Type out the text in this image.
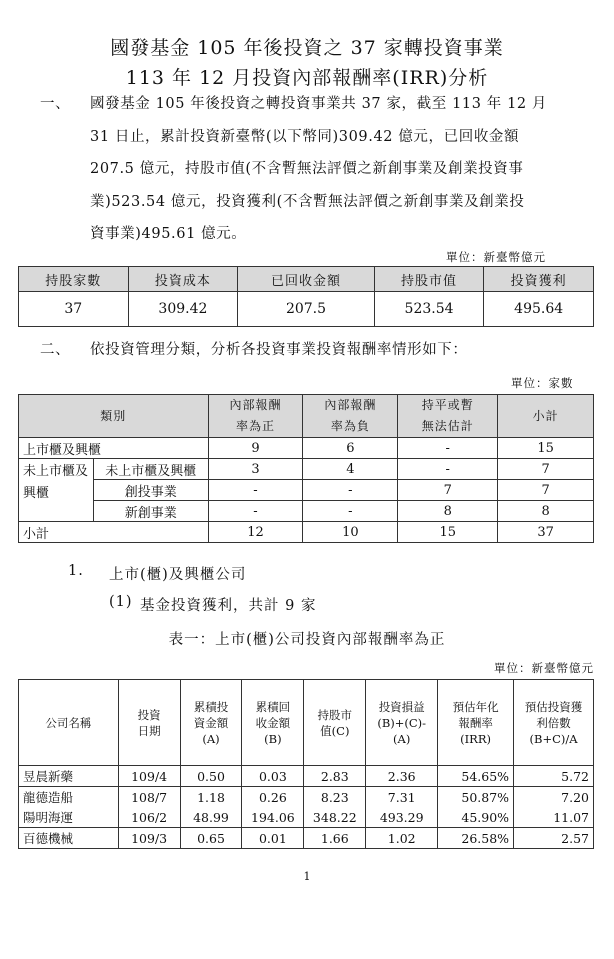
國發基金 105 年後投資之 37 家轉投資事業
113 年 12 月投資內部報酬率(IRR)分析
一、 國發基金 105 年後投資之轉投資事業共 37 家，截至 113 年 12 月
31 日止，累計投資新臺幣(以下幣同)309.42 億元，已回收金額
207.5 億元，持股市值(不含暫無法評價之新創事業及創業投資事
業)523.54 億元，投資獲利(不含暫無法評價之新創事業及創業投
資事業)495.61 億元。
單位：新臺幣億元
持股家數	投資成本	已回收金額	持股市值	投資獲利
37	309.42	207.5	523.54	495.64
二、 依投資管理分類，分析各投資事業投資報酬率情形如下：
單位：家數
類別		內部報酬率為正	內部報酬率為負	持平或暫無法估計	小計
上市櫃及興櫃		9	6	-	15
未上市櫃及興櫃	未上市櫃及興櫃	3	4	-	7
	創投事業	-	-	7	7
	新創事業	-	-	8	8
小計		12	10	15	37
1. 上市(櫃)及興櫃公司
(1) 基金投資獲利，共計 9 家
表一：上市(櫃)公司投資內部報酬率為正
單位：新臺幣億元
公司名稱	投資日期	累積投資金額(A)	累積回收金額(B)	持股市值(C)	投資損益(B)+(C)-(A)	預估年化報酬率(IRR)	預估投資獲利倍數(B+C)/A
昱晨新藥	109/4	0.50	0.03	2.83	2.36	54.65%	5.72
龍德造船	108/7	1.18	0.26	8.23	7.31	50.87%	7.20
陽明海運	106/2	48.99	194.06	348.22	493.29	45.90%	11.07
百德機械	109/3	0.65	0.01	1.66	1.02	26.58%	2.57
1
